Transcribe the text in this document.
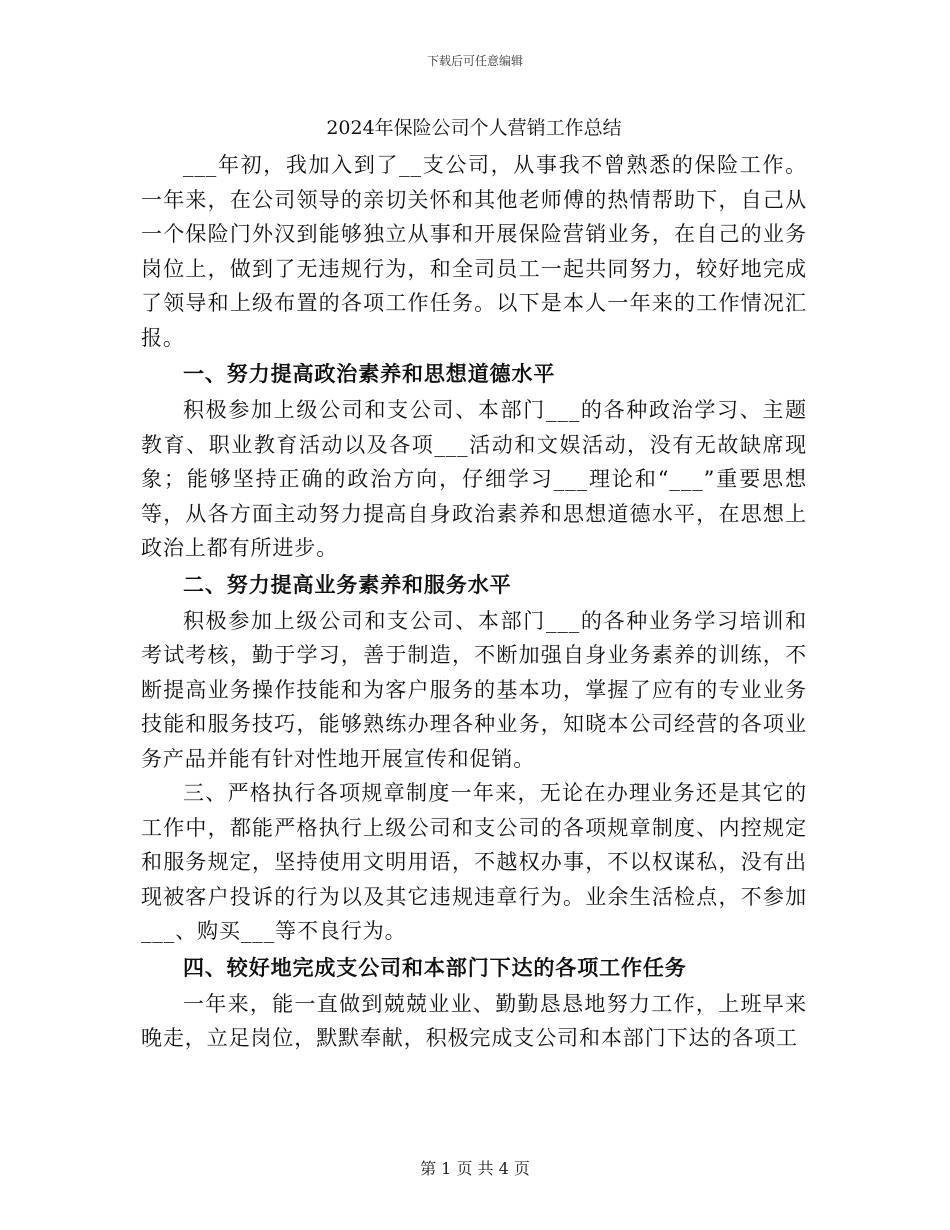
下载后可任意编辑
2024年保险公司个人营销工作总结

___年初，我加入到了__支公司，从事我不曾熟悉的保险工作。一年来，在公司领导的亲切关怀和其他老师傅的热情帮助下，自己从一个保险门外汉到能够独立从事和开展保险营销业务，在自己的业务岗位上，做到了无违规行为，和全司员工一起共同努力，较好地完成了领导和上级布置的各项工作任务。以下是本人一年来的工作情况汇报。

一、努力提高政治素养和思想道德水平

积极参加上级公司和支公司、本部门___的各种政治学习、主题教育、职业教育活动以及各项___活动和文娱活动，没有无故缺席现象；能够坚持正确的政治方向，仔细学习___理论和“___”重要思想等，从各方面主动努力提高自身政治素养和思想道德水平，在思想上政治上都有所进步。

二、努力提高业务素养和服务水平

积极参加上级公司和支公司、本部门___的各种业务学习培训和考试考核，勤于学习，善于制造，不断加强自身业务素养的训练，不断提高业务操作技能和为客户服务的基本功，掌握了应有的专业业务技能和服务技巧，能够熟练办理各种业务，知晓本公司经营的各项业务产品并能有针对性地开展宣传和促销。

三、严格执行各项规章制度一年来，无论在办理业务还是其它的工作中，都能严格执行上级公司和支公司的各项规章制度、内控规定和服务规定，坚持使用文明用语，不越权办事，不以权谋私，没有出现被客户投诉的行为以及其它违规违章行为。业余生活检点，不参加___、购买___等不良行为。

四、较好地完成支公司和本部门下达的各项工作任务

一年来，能一直做到兢兢业业、勤勤恳恳地努力工作，上班早来晚走，立足岗位，默默奉献，积极完成支公司和本部门下达的各项工

第 1 页 共 4 页
